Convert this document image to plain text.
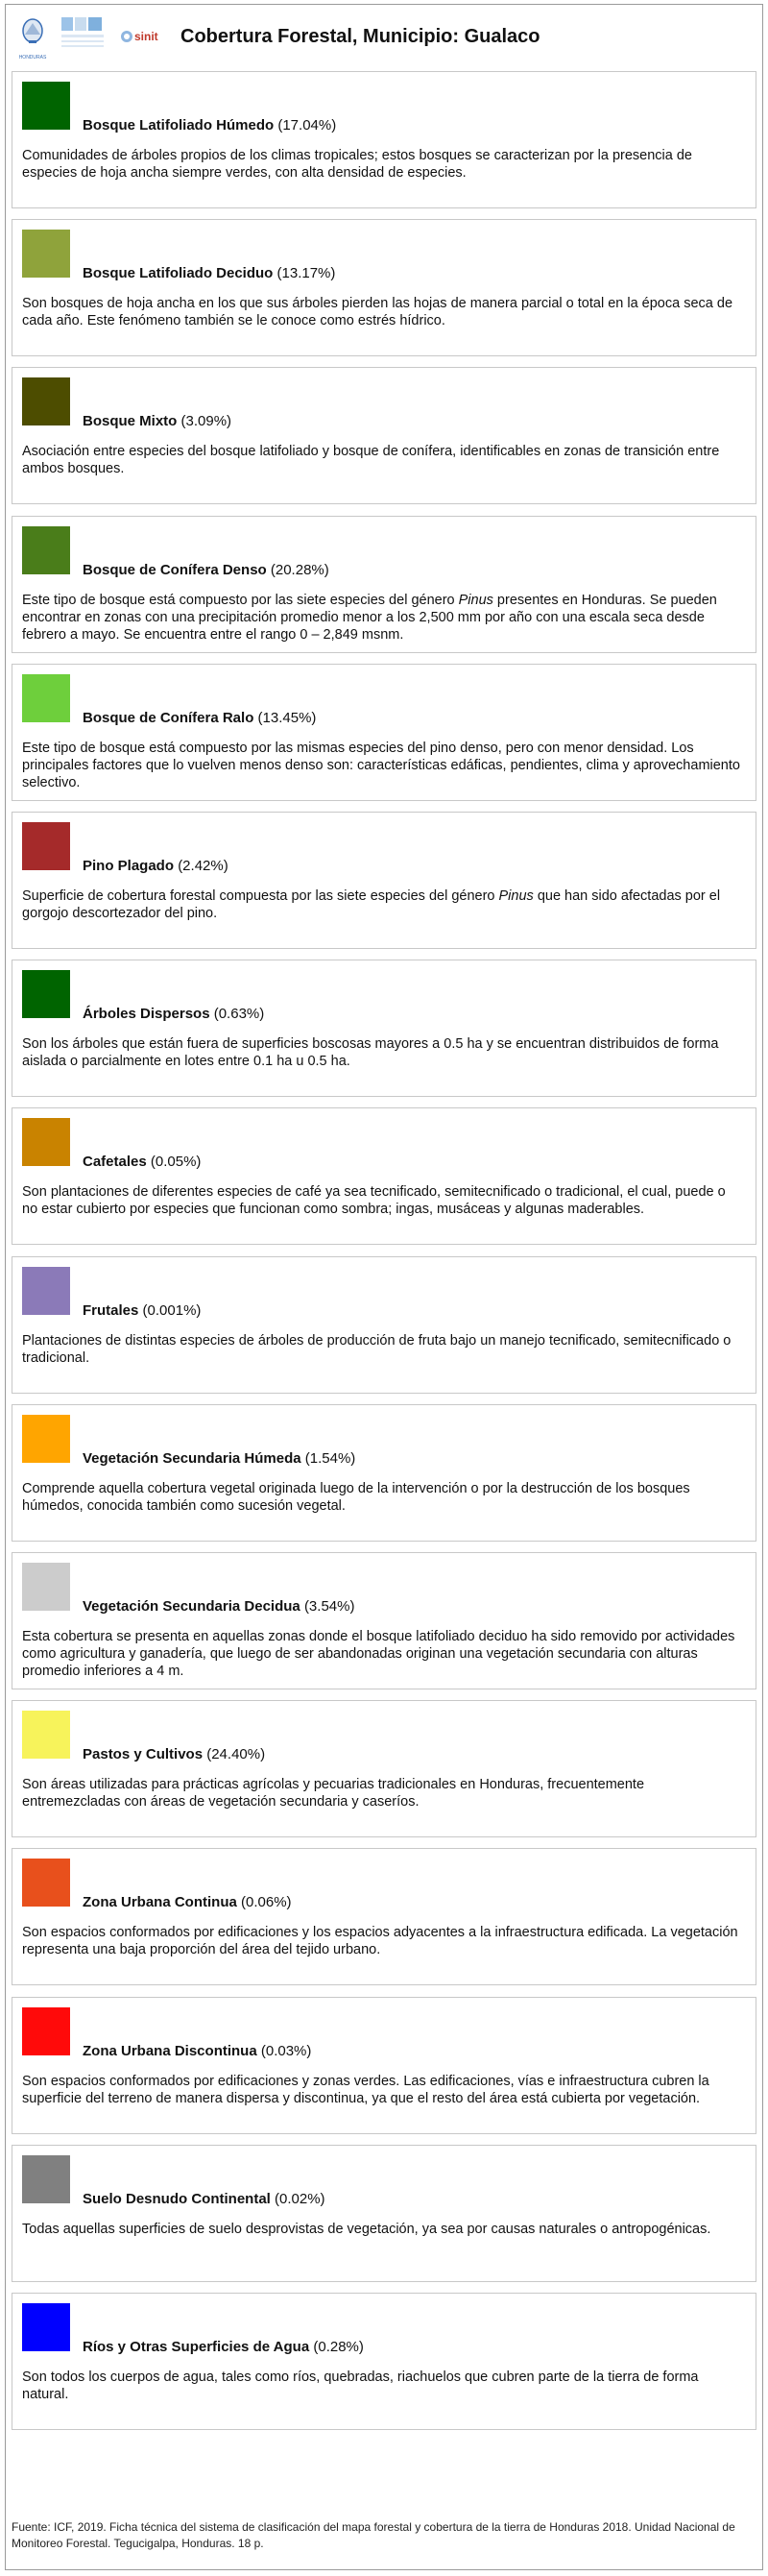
HONDURAS
sinit Cobertura Forestal, Municipio: Gualaco
Bosque Latifoliado Húmedo (17.04%)
Comunidades de árboles propios de los climas tropicales; estos bosques se caracterizan por la presencia de especies de hoja ancha siempre verdes, con alta densidad de especies.
Bosque Latifoliado Deciduo (13.17%)
Son bosques de hoja ancha en los que sus árboles pierden las hojas de manera parcial o total en la época seca de cada año. Este fenómeno también se le conoce como estrés hídrico.
Bosque Mixto (3.09%)
Asociación entre especies del bosque latifoliado y bosque de conífera, identificables en zonas de transición entre ambos bosques.
Bosque de Conífera Denso (20.28%)
Este tipo de bosque está compuesto por las siete especies del género Pinus presentes en Honduras. Se pueden encontrar en zonas con una precipitación promedio menor a los 2,500 mm por año con una escala seca desde febrero a mayo. Se encuentra entre el rango 0 – 2,849 msnm.
Bosque de Conífera Ralo (13.45%)
Este tipo de bosque está compuesto por las mismas especies del pino denso, pero con menor densidad. Los principales factores que lo vuelven menos denso son: características edáficas, pendientes, clima y aprovechamiento selectivo.
Pino Plagado (2.42%)
Superficie de cobertura forestal compuesta por las siete especies del género Pinus que han sido afectadas por el gorgojo descortezador del pino.
Árboles Dispersos (0.63%)
Son los árboles que están fuera de superficies boscosas mayores a 0.5 ha y se encuentran distribuidos de forma aislada o parcialmente en lotes entre 0.1 ha u 0.5 ha.
Cafetales (0.05%)
Son plantaciones de diferentes especies de café ya sea tecnificado, semitecnificado o tradicional, el cual, puede o no estar cubierto por especies que funcionan como sombra; ingas, musáceas y algunas maderables.
Frutales (0.001%)
Plantaciones de distintas especies de árboles de producción de fruta bajo un manejo tecnificado, semitecnificado o tradicional.
Vegetación Secundaria Húmeda (1.54%)
Comprende aquella cobertura vegetal originada luego de la intervención o por la destrucción de los bosques húmedos, conocida también como sucesión vegetal.
Vegetación Secundaria Decidua (3.54%)
Esta cobertura se presenta en aquellas zonas donde el bosque latifoliado deciduo ha sido removido por actividades como agricultura y ganadería, que luego de ser abandonadas originan una vegetación secundaria con alturas promedio inferiores a 4 m.
Pastos y Cultivos (24.40%)
Son áreas utilizadas para prácticas agrícolas y pecuarias tradicionales en Honduras, frecuentemente entremezcladas con áreas de vegetación secundaria y caseríos.
Zona Urbana Continua (0.06%)
Son espacios conformados por edificaciones y los espacios adyacentes a la infraestructura edificada. La vegetación representa una baja proporción del área del tejido urbano.
Zona Urbana Discontinua (0.03%)
Son espacios conformados por edificaciones y zonas verdes. Las edificaciones, vías e infraestructura cubren la superficie del terreno de manera dispersa y discontinua, ya que el resto del área está cubierta por vegetación.
Suelo Desnudo Continental (0.02%)
Todas aquellas superficies de suelo desprovistas de vegetación, ya sea por causas naturales o antropogénicas.
Ríos y Otras Superficies de Agua (0.28%)
Son todos los cuerpos de agua, tales como ríos, quebradas, riachuelos que cubren parte de la tierra de forma natural.
Fuente: ICF, 2019. Ficha técnica del sistema de clasificación del mapa forestal y cobertura de la tierra de Honduras 2018. Unidad Nacional de Monitoreo Forestal. Tegucigalpa, Honduras. 18 p.
